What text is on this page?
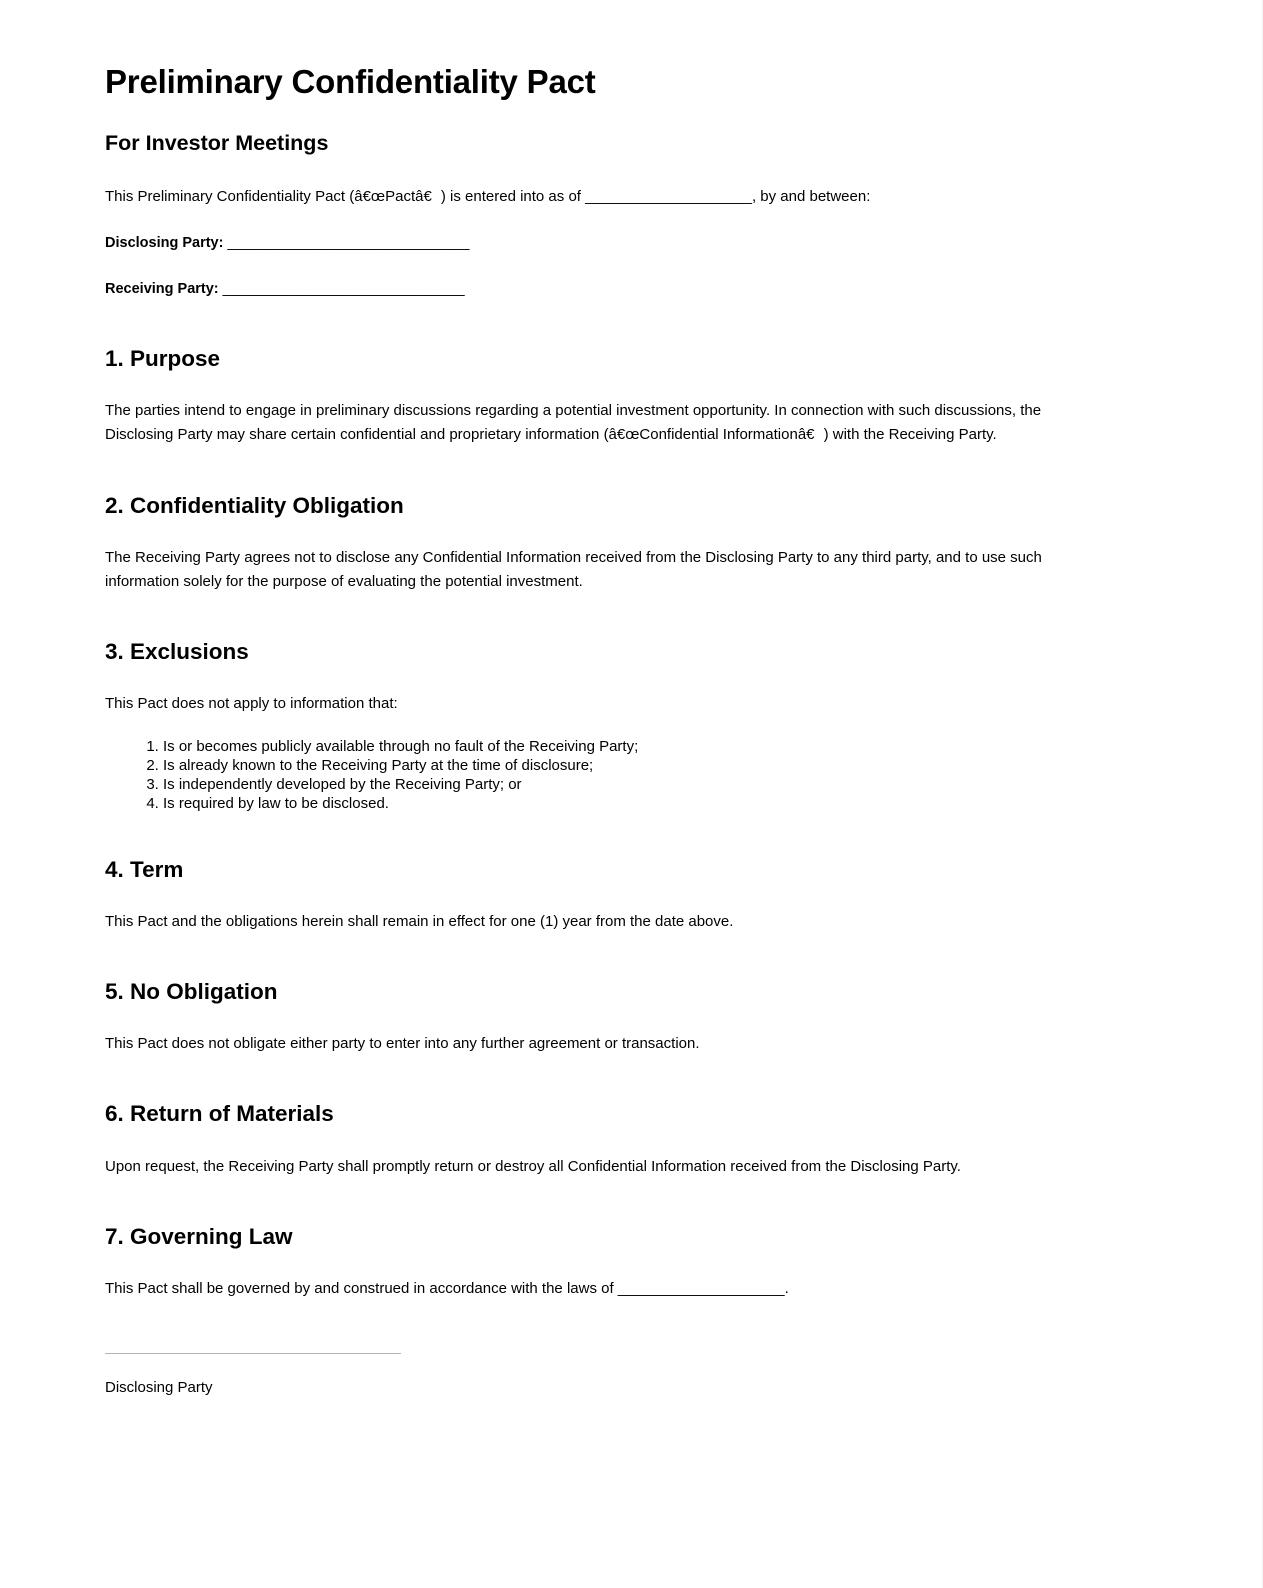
Preliminary Confidentiality Pact
For Investor Meetings

This Preliminary Confidentiality Pact (â€œPactâ€) is entered into as of ____________________, by and between:

Disclosing Party: ______________________________

Receiving Party: ______________________________

1. Purpose

The parties intend to engage in preliminary discussions regarding a potential investment opportunity. In connection with such discussions, the Disclosing Party may share certain confidential and proprietary information (â€œConfidential Informationâ€) with the Receiving Party.

2. Confidentiality Obligation

The Receiving Party agrees not to disclose any Confidential Information received from the Disclosing Party to any third party, and to use such information solely for the purpose of evaluating the potential investment.

3. Exclusions

This Pact does not apply to information that:

1. Is or becomes publicly available through no fault of the Receiving Party;
2. Is already known to the Receiving Party at the time of disclosure;
3. Is independently developed by the Receiving Party; or
4. Is required by law to be disclosed.
4. Term

This Pact and the obligations herein shall remain in effect for one (1) year from the date above.

5. No Obligation

This Pact does not obligate either party to enter into any further agreement or transaction.

6. Return of Materials

Upon request, the Receiving Party shall promptly return or destroy all Confidential Information received from the Disclosing Party.

7. Governing Law

This Pact shall be governed by and construed in accordance with the laws of ____________________.

Disclosing Party
